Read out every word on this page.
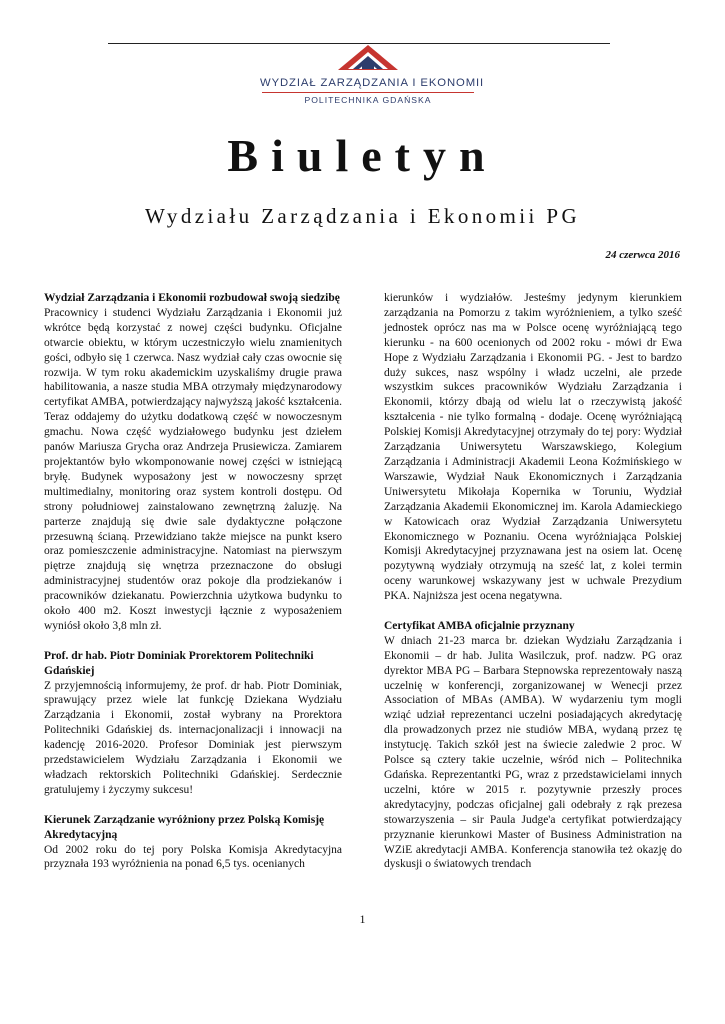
WYDZIAŁ ZARZĄDZANIA I EKONOMII
POLITECHNIKA GDAŃSKA
Biuletyn
Wydziału Zarządzania i Ekonomii PG
24 czerwca 2016
Wydział Zarządzania i Ekonomii rozbudował swoją siedzibę

Pracownicy i studenci Wydziału Zarządzania i Ekonomii już wkrótce będą korzystać z nowej części budynku. Oficjalne otwarcie obiektu, w którym uczestniczyło wielu znamienitych gości, odbyło się 1 czerwca. Nasz wydział cały czas owocnie się rozwija. W tym roku akademickim uzyskaliśmy drugie prawa habilitowania, a nasze studia MBA otrzymały międzynarodowy certyfikat AMBA, potwierdzający najwyższą jakość kształcenia. Teraz oddajemy do użytku dodatkową część w nowoczesnym gmachu. Nowa część wydziałowego budynku jest dziełem panów Mariusza Grycha oraz Andrzeja Prusiewicza. Zamiarem projektantów było wkomponowanie nowej części w istniejącą bryłę. Budynek wyposażony jest w nowoczesny sprzęt multimedialny, monitoring oraz system kontroli dostępu. Od strony południowej zainstalowano zewnętrzną żaluzję. Na parterze znajdują się dwie sale dydaktyczne połączone przesuwną ścianą. Przewidziano także miejsce na punkt ksero oraz pomieszczenie administracyjne. Natomiast na pierwszym piętrze znajdują się wnętrza przeznaczone do obsługi administracyjnej studentów oraz pokoje dla prodziekanów i pracowników dziekanatu. Powierzchnia użytkowa budynku to około 400 m2. Koszt inwestycji łącznie z wyposażeniem wyniósł około 3,8 mln zł.

Prof. dr hab. Piotr Dominiak Prorektorem Politechniki Gdańskiej

Z przyjemnością informujemy, że prof. dr hab. Piotr Dominiak, sprawujący przez wiele lat funkcję Dziekana Wydziału Zarządzania i Ekonomii, został wybrany na Prorektora Politechniki Gdańskiej ds. internacjonalizacji i innowacji na kadencję 2016-2020. Profesor Dominiak jest pierwszym przedstawicielem Wydziału Zarządzania i Ekonomii we władzach rektorskich Politechniki Gdańskiej. Serdecznie gratulujemy i życzymy sukcesu!

Kierunek Zarządzanie wyróżniony przez Polską Komisję Akredytacyjną

Od 2002 roku do tej pory Polska Komisja Akredytacyjna przyznała 193 wyróżnienia na ponad 6,5 tys. ocenianych

kierunków i wydziałów. Jesteśmy jedynym kierunkiem zarządzania na Pomorzu z takim wyróżnieniem, a tylko sześć jednostek oprócz nas ma w Polsce ocenę wyróżniającą tego kierunku - na 600 ocenionych od 2002 roku - mówi dr Ewa Hope z Wydziału Zarządzania i Ekonomii PG. - Jest to bardzo duży sukces, nasz wspólny i władz uczelni, ale przede wszystkim sukces pracowników Wydziału Zarządzania i Ekonomii, którzy dbają od wielu lat o rzeczywistą jakość kształcenia - nie tylko formalną - dodaje. Ocenę wyróżniającą Polskiej Komisji Akredytacyjnej otrzymały do tej pory: Wydział Zarządzania Uniwersytetu Warszawskiego, Kolegium Zarządzania i Administracji Akademii Leona Koźmińskiego w Warszawie, Wydział Nauk Ekonomicznych i Zarządzania Uniwersytetu Mikołaja Kopernika w Toruniu, Wydział Zarządzania Akademii Ekonomicznej im. Karola Adamieckiego w Katowicach oraz Wydział Zarządzania Uniwersytetu Ekonomicznego w Poznaniu. Ocena wyróżniająca Polskiej Komisji Akredytacyjnej przyznawana jest na osiem lat. Ocenę pozytywną wydziały otrzymują na sześć lat, z kolei termin oceny warunkowej wskazywany jest w uchwale Prezydium PKA. Najniższa jest ocena negatywna.

Certyfikat AMBA oficjalnie przyznany

W dniach 21-23 marca br. dziekan Wydziału Zarządzania i Ekonomii – dr hab. Julita Wasilczuk, prof. nadzw. PG oraz dyrektor MBA PG – Barbara Stepnowska reprezentowały naszą uczelnię w konferencji, zorganizowanej w Wenecji przez Association of MBAs (AMBA). W wydarzeniu tym mogli wziąć udział reprezentanci uczelni posiadających akredytację dla prowadzonych przez nie studiów MBA, wydaną przez tę instytucję. Takich szkół jest na świecie zaledwie 2 proc. W Polsce są cztery takie uczelnie, wśród nich – Politechnika Gdańska. Reprezentantki PG, wraz z przedstawicielami innych uczelni, które w 2015 r. pozytywnie przeszły proces akredytacyjny, podczas oficjalnej gali odebrały z rąk prezesa stowarzyszenia – sir Paula Judge'a certyfikat potwierdzający przyznanie kierunkowi Master of Business Administration na WZiE akredytacji AMBA. Konferencja stanowiła też okazję do dyskusji o światowych trendach

1
